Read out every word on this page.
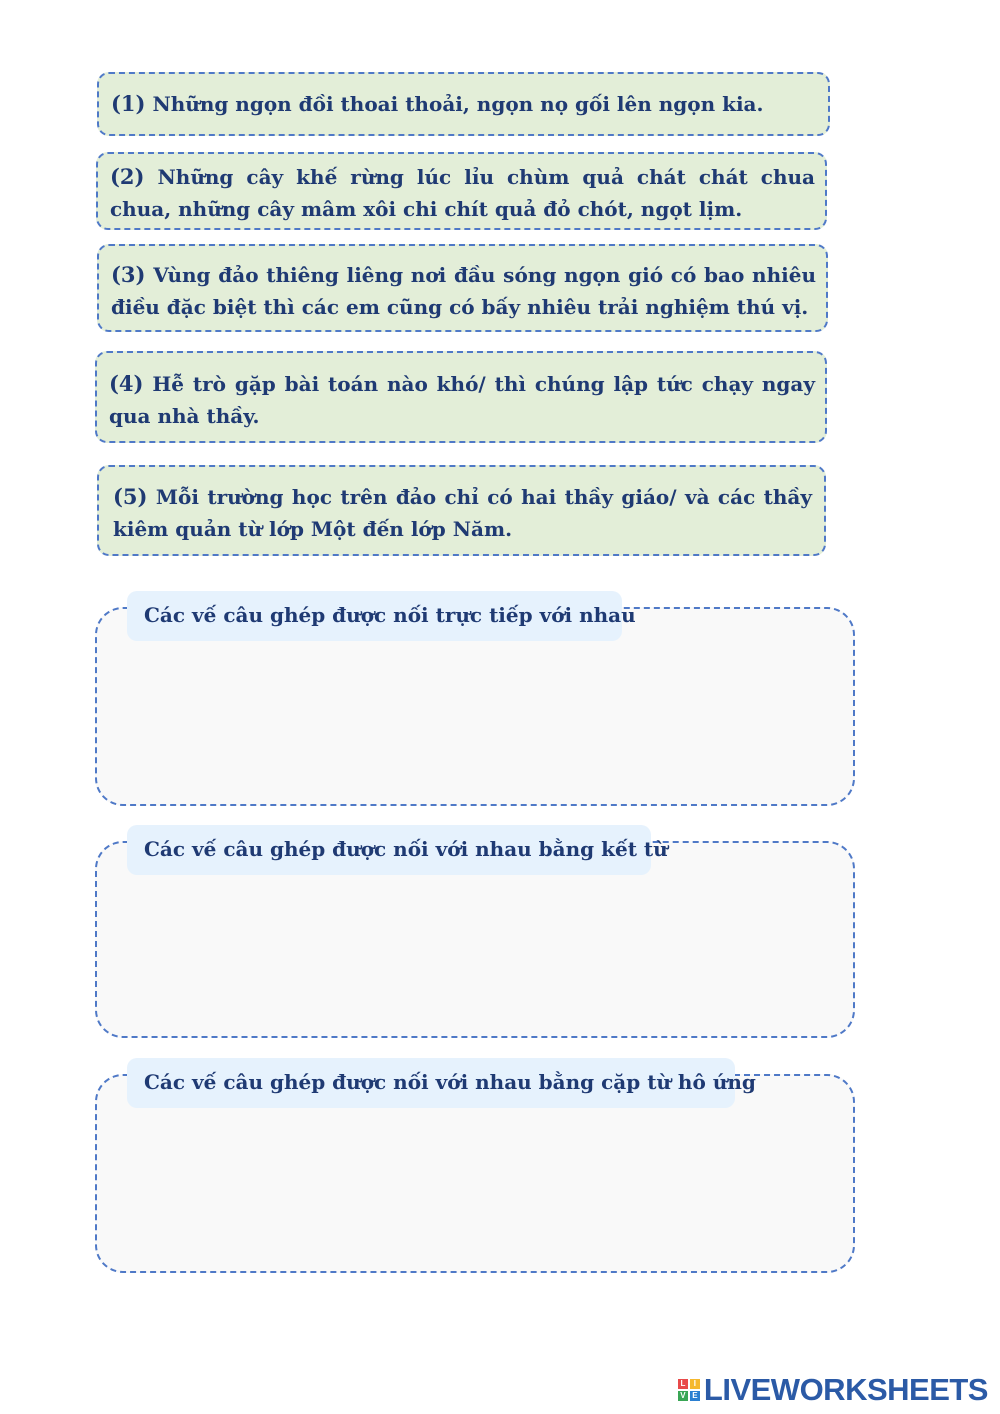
(1) Những ngọn đồi thoai thoải, ngọn nọ gối lên ngọn kia.
(2) Những cây khế rừng lúc lỉu chùm quả chát chát chua chua, những cây mâm xôi chi chít quả đỏ chót, ngọt lịm.
(3) Vùng đảo thiêng liêng nơi đầu sóng ngọn gió có bao nhiêu điều đặc biệt thì các em cũng có bấy nhiêu trải nghiệm thú vị.
(4) Hễ trò gặp bài toán nào khó/ thì chúng lập tức chạy ngay qua nhà thầy.
(5) Mỗi trường học trên đảo chỉ có hai thầy giáo/ và các thầy kiêm quản từ lớp Một đến lớp Năm.
Các vế câu ghép được nối trực tiếp với nhau
Các vế câu ghép được nối với nhau bằng kết từ
Các vế câu ghép được nối với nhau bằng cặp từ hô ứng
L	I
V E LIVEWORKSHEETS
